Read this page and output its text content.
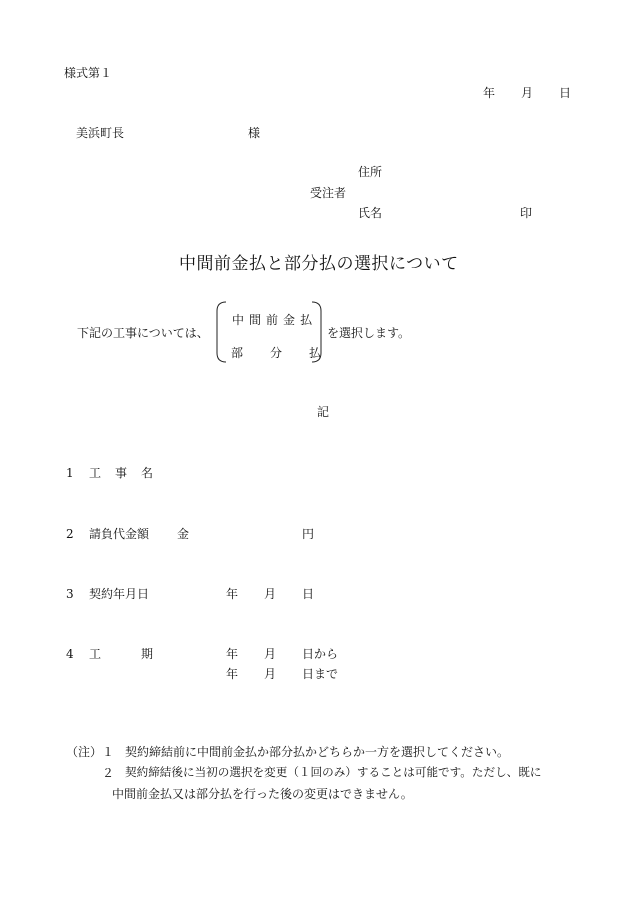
様式第１
年 月 日
美浜町長	様
住所
受注者
氏名	印
中間前金払と部分払の選択について
下記の工事については、
中間前金払
部 分 払
を選択します。
記
1 工 事 名
2 請負代金額 金	円
3 契約年月日	年 月 日
4 工	期	年 月 日から
年 月 日まで
（注） １ 契約締結前に中間前金払か部分払かどちらか一方を選択してください。
２ 契約締結後に当初の選択を変更（１回のみ）することは可能です。ただし、既に
中間前金払又は部分払を行った後の変更はできません。
